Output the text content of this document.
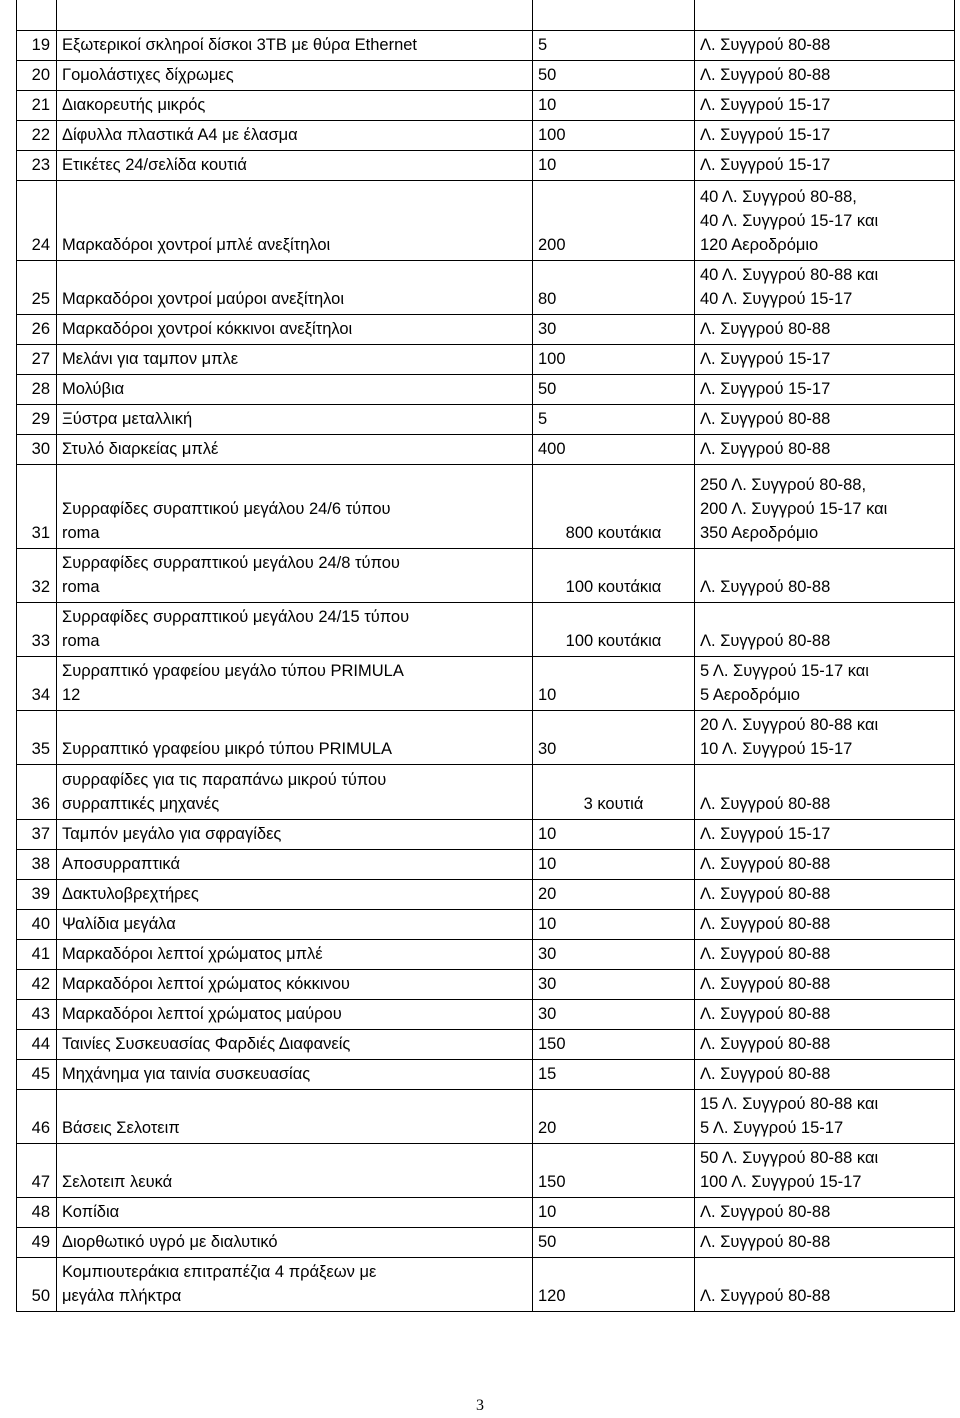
19	Εξωτερικοί σκληροί δίσκοι 3ΤΒ με θύρα Ethernet	5	Λ. Συγγρού 80-88
20	Γομολάστιχες δίχρωμες	50	Λ. Συγγρού 80-88
21	Διακορευτής μικρός	10	Λ. Συγγρού 15-17
22	Δίφυλλα πλαστικά Α4 με έλασμα	100	Λ. Συγγρού 15-17
23	Ετικέτες 24/σελίδα κουτιά	10	Λ. Συγγρού 15-17
24	Μαρκαδόροι χοντροί μπλέ ανεξίτηλοι	200	40 Λ. Συγγρού 80-88,
40 Λ. Συγγρού 15-17 και
120 Αεροδρόμιο
25	Μαρκαδόροι χοντροί μαύροι ανεξίτηλοι	80	40 Λ. Συγγρού 80-88 και
40 Λ. Συγγρού 15-17
26	Μαρκαδόροι χοντροί κόκκινοι ανεξίτηλοι	30	Λ. Συγγρού 80-88
27	Μελάνι για ταμπον μπλε	100	Λ. Συγγρού 15-17
28	Μολύβια	50	Λ. Συγγρού 15-17
29	Ξύστρα μεταλλική	5	Λ. Συγγρού 80-88
30	Στυλό διαρκείας μπλέ	400	Λ. Συγγρού 80-88
31	Συρραφίδες συραπτικού μεγάλου 24/6 τύπου
roma	800 κουτάκια	250 Λ. Συγγρού 80-88,
200 Λ. Συγγρού 15-17 και
350 Αεροδρόμιο
32	Συρραφίδες συρραπτικού μεγάλου 24/8 τύπου
roma	100 κουτάκια	Λ. Συγγρού 80-88
33	Συρραφίδες συρραπτικού μεγάλου 24/15 τύπου
roma	100 κουτάκια	Λ. Συγγρού 80-88
34	Συρραπτικό γραφείου μεγάλο τύπου PRIMULA
12	10	5 Λ. Συγγρού 15-17 και
5 Αεροδρόμιο
35	Συρραπτικό γραφείου μικρό τύπου PRIMULA	30	20 Λ. Συγγρού 80-88 και
10 Λ. Συγγρού 15-17
36	συρραφίδες για τις παραπάνω μικρού τύπου
συρραπτικές μηχανές	3 κουτιά	Λ. Συγγρού 80-88
37	Ταμπόν μεγάλο για σφραγίδες	10	Λ. Συγγρού 15-17
38	Αποσυρραπτικά	10	Λ. Συγγρού 80-88
39	Δακτυλοβρεχτήρες	20	Λ. Συγγρού 80-88
40	Ψαλίδια μεγάλα	10	Λ. Συγγρού 80-88
41	Μαρκαδόροι λεπτοί χρώματος μπλέ	30	Λ. Συγγρού 80-88
42	Μαρκαδόροι λεπτοί χρώματος κόκκινου	30	Λ. Συγγρού 80-88
43	Μαρκαδόροι λεπτοί χρώματος μαύρου	30	Λ. Συγγρού 80-88
44	Ταινίες Συσκευασίας Φαρδιές Διαφανείς	150	Λ. Συγγρού 80-88
45	Μηχάνημα για ταινία συσκευασίας	15	Λ. Συγγρού 80-88
46	Βάσεις Σελοτειπ	20	15 Λ. Συγγρού 80-88 και
5 Λ. Συγγρού 15-17
47	Σελοτειπ λευκά	150	50 Λ. Συγγρού 80-88 και
100 Λ. Συγγρού 15-17
48	Κοπίδια	10	Λ. Συγγρού 80-88
49	Διορθωτικό υγρό με διαλυτικό	50	Λ. Συγγρού 80-88
50	Κομπιουτεράκια επιτραπέζια 4 πράξεων με
μεγάλα πλήκτρα	120	Λ. Συγγρού 80-88
3
